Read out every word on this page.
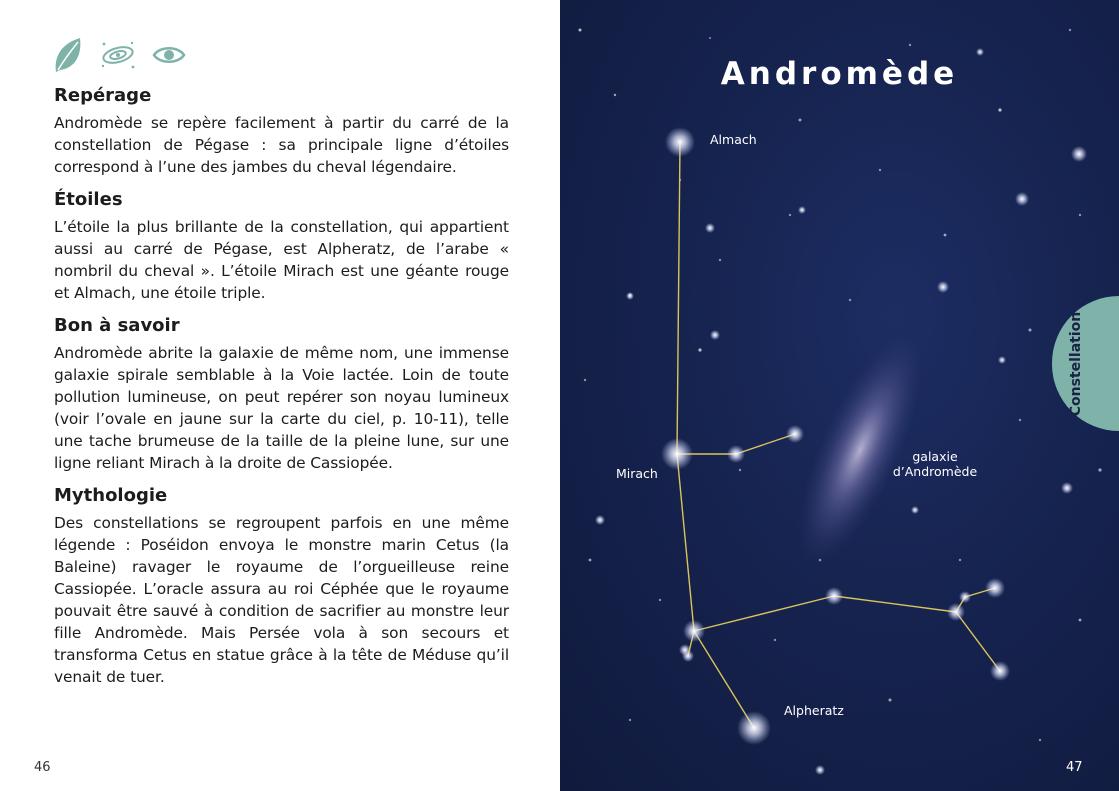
Repérage

Andromède se repère facilement à partir du carré de la constellation de Pégase : sa principale ligne d’étoiles correspond à l’une des jambes du cheval légendaire.

Étoiles

L’étoile la plus brillante de la constellation, qui appartient aussi au carré de Pégase, est Alpheratz, de l’arabe « nombril du cheval ». L’étoile Mirach est une géante rouge et Almach, une étoile triple.

Bon à savoir

Andromède abrite la galaxie de même nom, une immense galaxie spirale semblable à la Voie lactée. Loin de toute pollution lumineuse, on peut repérer son noyau lumineux (voir l’ovale en jaune sur la carte du ciel, p. 10-11), telle une tache brumeuse de la taille de la pleine lune, sur une ligne reliant Mirach à la droite de Cassiopée.

Mythologie

Des constellations se regroupent parfois en une même légende : Poséidon envoya le monstre marin Cetus (la Baleine) ravager le royaume de l’orgueilleuse reine Cassiopée. L’oracle assura au roi Céphée que le royaume pouvait être sauvé à condition de sacrifier au monstre leur fille Andromède. Mais Persée vola à son secours et transforma Cetus en statue grâce à la tête de Méduse qu’il venait de tuer.

46
Andromède
Almach
Mirach
Alpheratz
galaxie
d’Andromède
Constellation
47
